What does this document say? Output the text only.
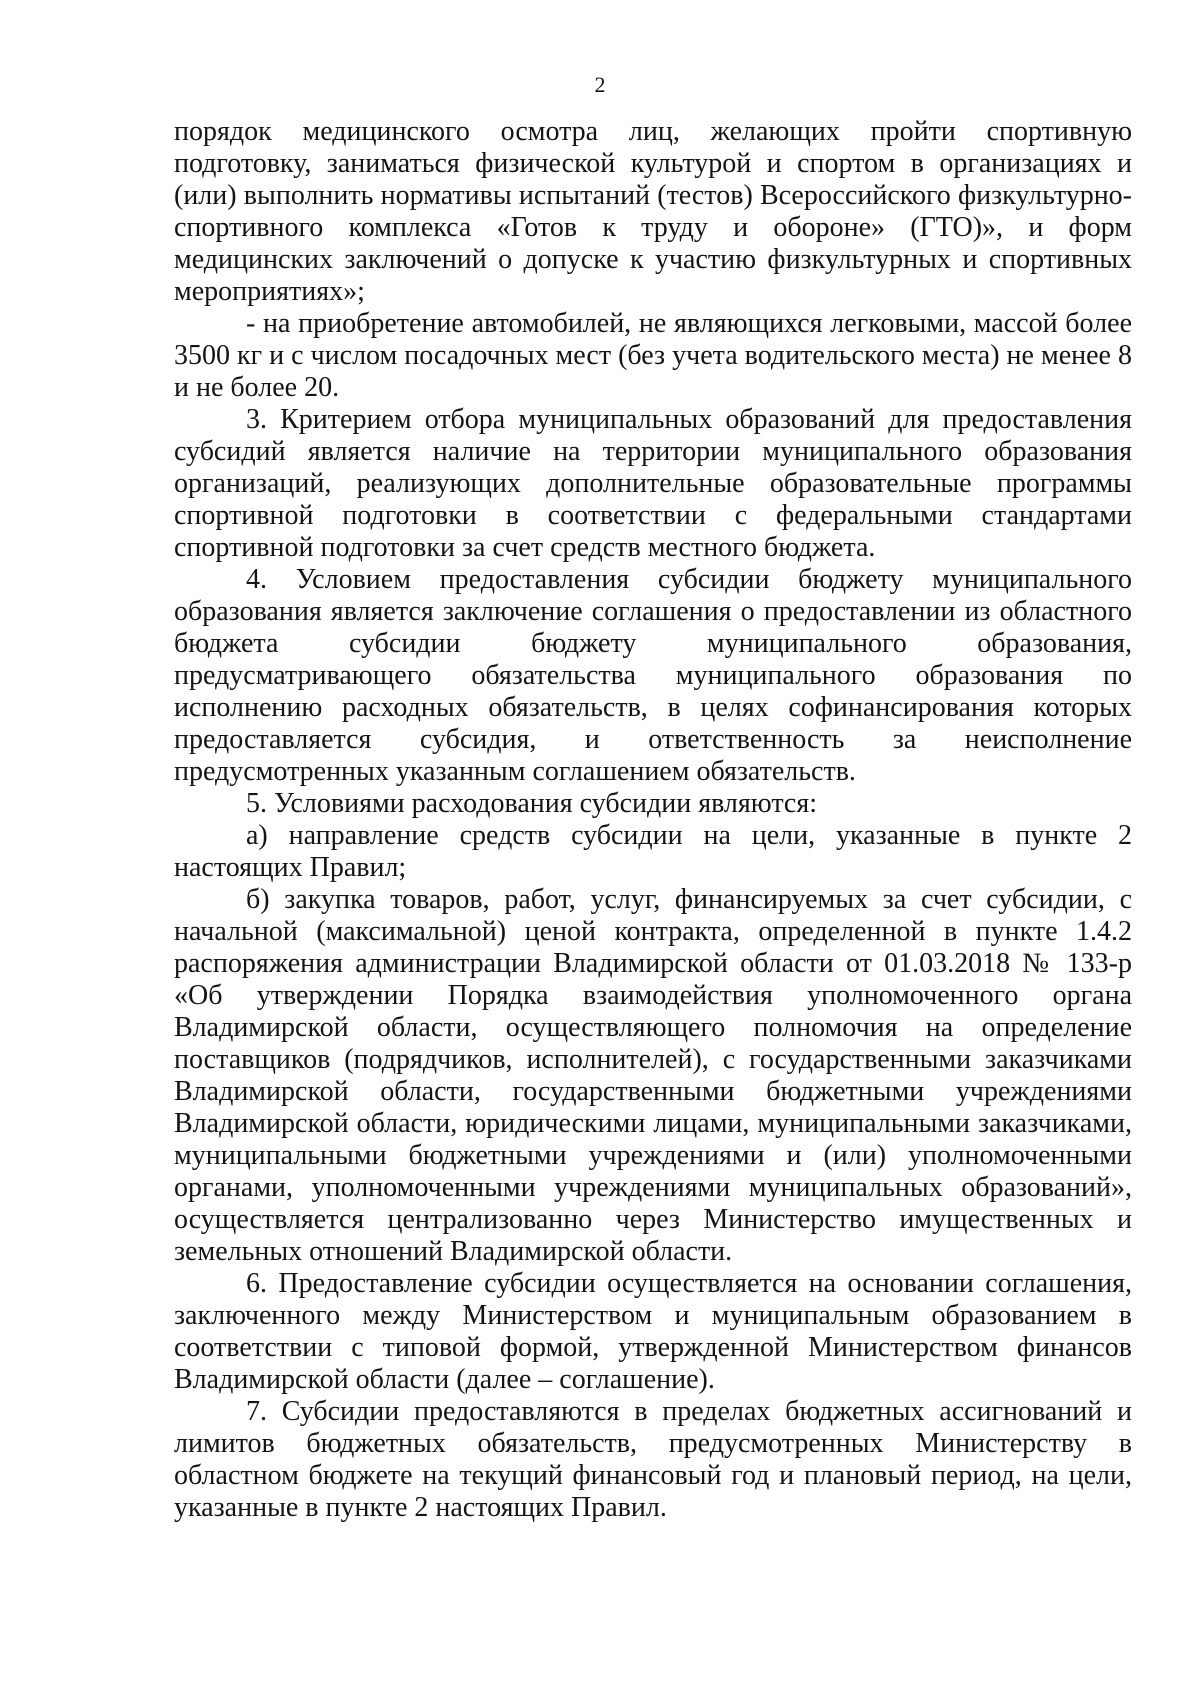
2

порядок медицинского осмотра лиц, желающих пройти спортивную подготовку, заниматься физической культурой и спортом в организациях и (или) выполнить нормативы испытаний (тестов) Всероссийского физкультурно-спортивного комплекса «Готов к труду и обороне» (ГТО)», и форм медицинских заключений о допуске к участию физкультурных и спортивных мероприятиях»;

- на приобретение автомобилей, не являющихся легковыми, массой более 3500 кг и с числом посадочных мест (без учета водительского места) не менее 8 и не более 20.

3. Критерием отбора муниципальных образований для предоставления субсидий является наличие на территории муниципального образования организаций, реализующих дополнительные образовательные программы спортивной подготовки в соответствии с федеральными стандартами спортивной подготовки за счет средств местного бюджета.

4. Условием предоставления субсидии бюджету муниципального образования является заключение соглашения о предоставлении из областного бюджета субсидии бюджету муниципального образования, предусматривающего обязательства муниципального образования по исполнению расходных обязательств, в целях софинансирования которых предоставляется субсидия, и ответственность за неисполнение предусмотренных указанным соглашением обязательств.

5. Условиями расходования субсидии являются:

а) направление средств субсидии на цели, указанные в пункте 2 настоящих Правил;

б) закупка товаров, работ, услуг, финансируемых за счет субсидии, с начальной (максимальной) ценой контракта, определенной в пункте 1.4.2 распоряжения администрации Владимирской области от 01.03.2018 № 133-р «Об утверждении Порядка взаимодействия уполномоченного органа Владимирской области, осуществляющего полномочия на определение поставщиков (подрядчиков, исполнителей), с государственными заказчиками Владимирской области, государственными бюджетными учреждениями Владимирской области, юридическими лицами, муниципальными заказчиками, муниципальными бюджетными учреждениями и (или) уполномоченными органами, уполномоченными учреждениями муниципальных образований», осуществляется централизованно через Министерство имущественных и земельных отношений Владимирской области.

6. Предоставление субсидии осуществляется на основании соглашения, заключенного между Министерством и муниципальным образованием в соответствии с типовой формой, утвержденной Министерством финансов Владимирской области (далее – соглашение).

7. Субсидии предоставляются в пределах бюджетных ассигнований и лимитов бюджетных обязательств, предусмотренных Министерству в областном бюджете на текущий финансовый год и плановый период, на цели, указанные в пункте 2 настоящих Правил.
